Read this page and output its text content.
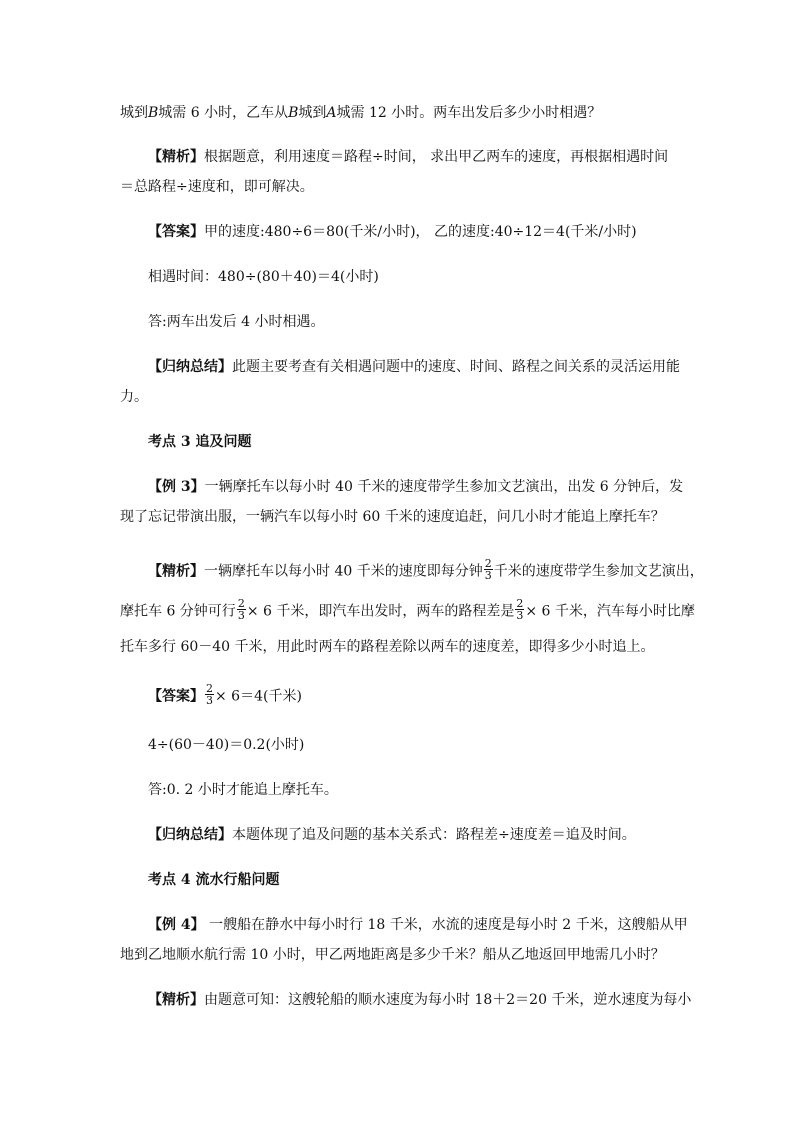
城到B城需 6 小时，乙车从B城到A城需 12 小时。两车出发后多少小时相遇？
【精析】根据题意，利用速度＝路程÷时间， 求出甲乙两车的速度，再根据相遇时间
＝总路程÷速度和，即可解决。
【答案】甲的速度:480÷6＝80(千米/小时)， 乙的速度:40÷12＝4(千米/小时)
相遇时间：480÷(80＋40)＝4(小时)
答:两车出发后 4 小时相遇。
【归纳总结】此题主要考查有关相遇问题中的速度、时间、路程之间关系的灵活运用能
力。
考点 3 追及问题
【例 3】一辆摩托车以每小时 40 千米的速度带学生参加文艺演出，出发 6 分钟后，发
现了忘记带演出服，一辆汽车以每小时 60 千米的速度追赶，问几小时才能追上摩托车？
【精析】一辆摩托车以每小时 40 千米的速度即每分钟 $\frac{2}{3}$ 千米的速度带学生参加文艺演出，
摩托车 6 分钟可行 $\frac{2}{3} \times 6$ 千米，即汽车出发时，两车的路程差是 $\frac{2}{3} \times 6$ 千米，汽车每小时比摩
托车多行 60－40 千米，用此时两车的路程差除以两车的速度差，即得多少小时追上。
【答案】 $\frac{2}{3} \times 6=4$(千米)
4÷(60－40)＝0.2(小时)
答:0. 2 小时才能追上摩托车。
【归纳总结】本题体现了追及问题的基本关系式：路程差÷速度差＝追及时间。
考点 4 流水行船问题
【例 4】 一艘船在静水中每小时行 18 千米，水流的速度是每小时 2 千米，这艘船从甲
地到乙地顺水航行需 10 小时，甲乙两地距离是多少千米？船从乙地返回甲地需几小时？
【精析】由题意可知：这艘轮船的顺水速度为每小时 18＋2＝20 千米，逆水速度为每小
